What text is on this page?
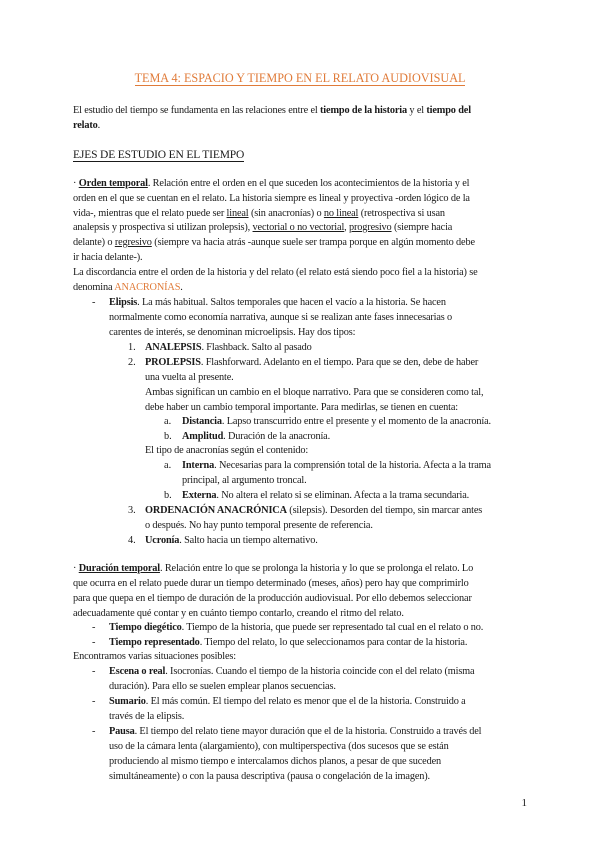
TEMA 4: ESPACIO Y TIEMPO EN EL RELATO AUDIOVISUAL
El estudio del tiempo se fundamenta en las relaciones entre el tiempo de la historia y el tiempo del
relato.
EJES DE ESTUDIO EN EL TIEMPO
· Orden temporal. Relación entre el orden en el que suceden los acontecimientos de la historia y el
orden en el que se cuentan en el relato. La historia siempre es lineal y proyectiva -orden lógico de la
vida-, mientras que el relato puede ser lineal (sin anacronías) o no lineal (retrospectiva si usan
analepsis y prospectiva si utilizan prolepsis), vectorial o no vectorial, progresivo (siempre hacia
delante) o regresivo (siempre va hacia atrás -aunque suele ser trampa porque en algún momento debe
ir hacia delante-).
La discordancia entre el orden de la historia y del relato (el relato está siendo poco fiel a la historia) se
denomina ANACRONÍAS.
- Elipsis. La más habitual. Saltos temporales que hacen el vacío a la historia. Se hacen
normalmente como economía narrativa, aunque si se realizan ante fases innecesarias o
carentes de interés, se denominan microelipsis. Hay dos tipos:
1. ANALEPSIS. Flashback. Salto al pasado
2. PROLEPSIS. Flashforward. Adelanto en el tiempo. Para que se den, debe de haber
una vuelta al presente.
Ambas significan un cambio en el bloque narrativo. Para que se consideren como tal,
debe haber un cambio temporal importante. Para medirlas, se tienen en cuenta:
a. Distancia. Lapso transcurrido entre el presente y el momento de la anacronía.
b. Amplitud. Duración de la anacronía.
El tipo de anacronías según el contenido:
a. Interna. Necesarias para la comprensión total de la historia. Afecta a la trama
principal, al argumento troncal.
b. Externa. No altera el relato si se eliminan. Afecta a la trama secundaria.
3. ORDENACIÓN ANACRÓNICA (silepsis). Desorden del tiempo, sin marcar antes
o después. No hay punto temporal presente de referencia.
4. Ucronía. Salto hacia un tiempo alternativo.
· Duración temporal. Relación entre lo que se prolonga la historia y lo que se prolonga el relato. Lo
que ocurra en el relato puede durar un tiempo determinado (meses, años) pero hay que comprimirlo
para que quepa en el tiempo de duración de la producción audiovisual. Por ello debemos seleccionar
adecuadamente qué contar y en cuánto tiempo contarlo, creando el ritmo del relato.
- Tiempo diegético. Tiempo de la historia, que puede ser representado tal cual en el relato o no.
- Tiempo representado. Tiempo del relato, lo que seleccionamos para contar de la historia.
Encontramos varias situaciones posibles:
- Escena o real. Isocronías. Cuando el tiempo de la historia coincide con el del relato (misma
duración). Para ello se suelen emplear planos secuencias.
- Sumario. El más común. El tiempo del relato es menor que el de la historia. Construido a
través de la elipsis.
- Pausa. El tiempo del relato tiene mayor duración que el de la historia. Construido a través del
uso de la cámara lenta (alargamiento), con multiperspectiva (dos sucesos que se están
produciendo al mismo tiempo e intercalamos dichos planos, a pesar de que suceden
simultáneamente) o con la pausa descriptiva (pausa o congelación de la imagen).
1
